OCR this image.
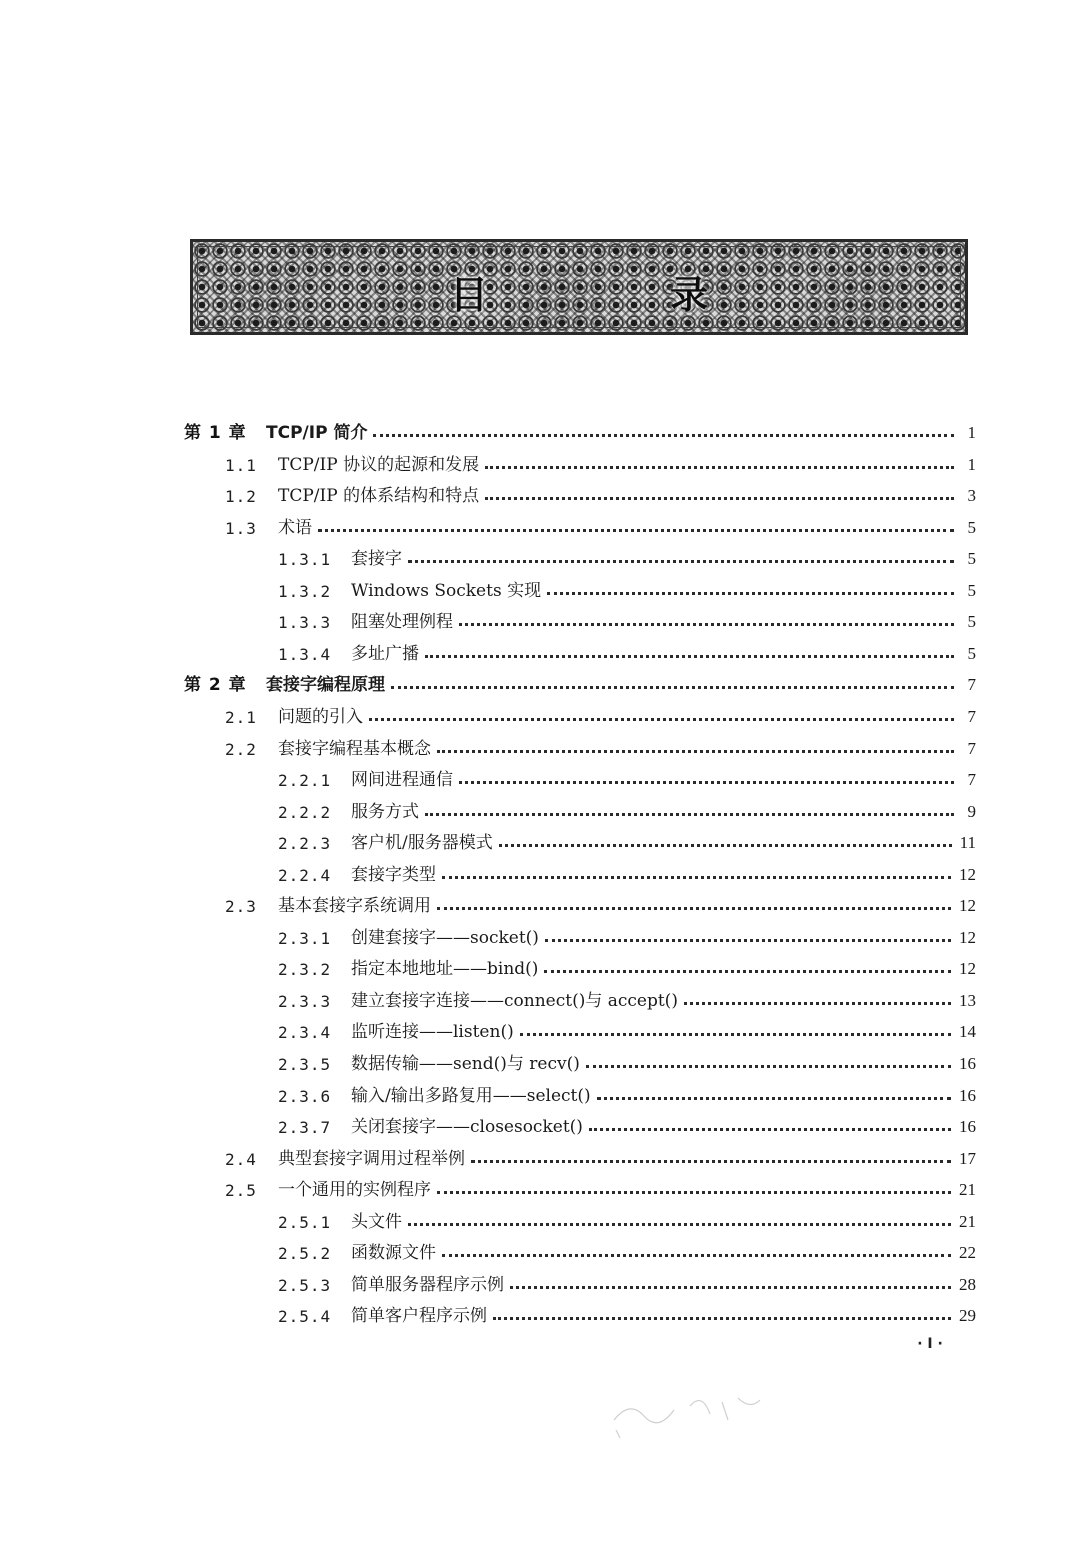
目　录
第 1 章	TCP/IP 简介	1
1.1	TCP/IP 协议的起源和发展	1
1.2	TCP/IP 的体系结构和特点	3
1.3	术语	5
1.3.1	套接字	5
1.3.2	Windows Sockets 实现	5
1.3.3	阻塞处理例程	5
1.3.4	多址广播	5
第 2 章	套接字编程原理	7
2.1	问题的引入	7
2.2	套接字编程基本概念	7
2.2.1	网间进程通信	7
2.2.2	服务方式	9
2.2.3	客户机/服务器模式	11
2.2.4	套接字类型	12
2.3	基本套接字系统调用	12
2.3.1	创建套接字——socket()	12
2.3.2	指定本地地址——bind()	12
2.3.3	建立套接字连接——connect()与 accept()	13
2.3.4	监听连接——listen()	14
2.3.5	数据传输——send()与 recv()	16
2.3.6	输入/输出多路复用——select()	16
2.3.7	关闭套接字——closesocket()	16
2.4	典型套接字调用过程举例	17
2.5	一个通用的实例程序	21
2.5.1	头文件	21
2.5.2	函数源文件	22
2.5.3	简单服务器程序示例	28
2.5.4	简单客户程序示例	29
· Ⅰ ·
